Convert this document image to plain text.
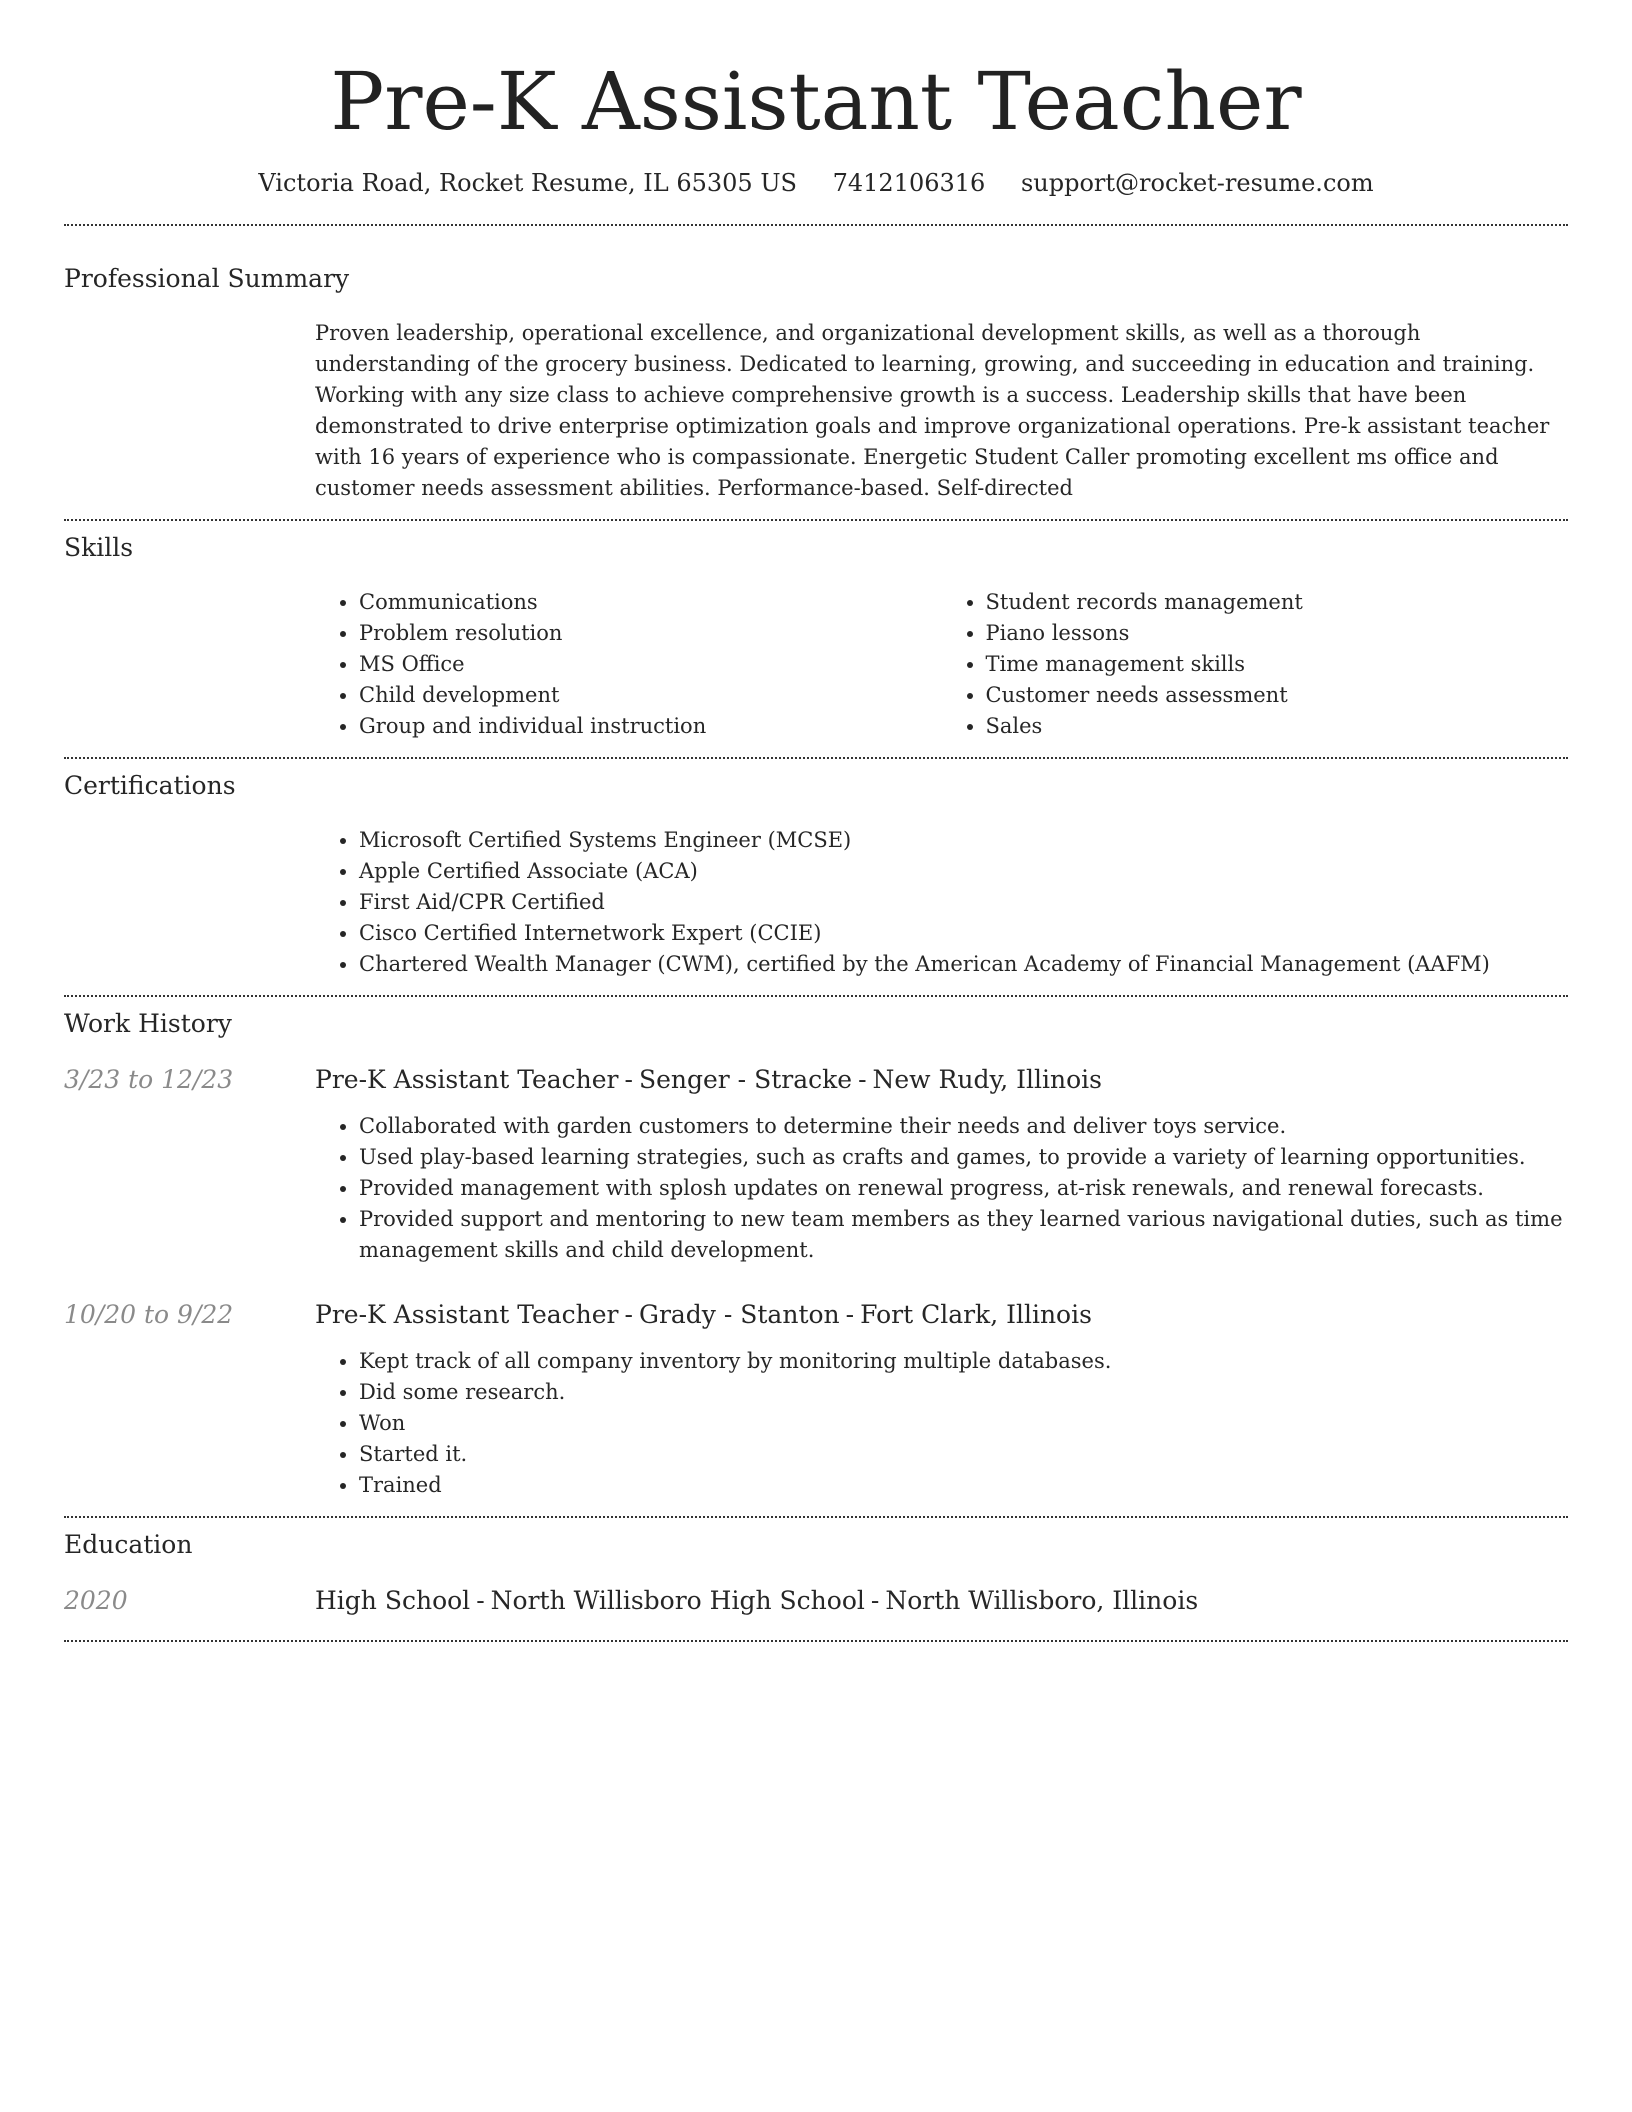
Pre-K Assistant Teacher
Victoria Road, Rocket Resume, IL 65305 US 7412106316 support@rocket-resume.com
Professional Summary
Proven leadership, operational excellence, and organizational development skills, as well as a thorough understanding of the grocery business. Dedicated to learning, growing, and succeeding in education and training. Working with any size class to achieve comprehensive growth is a success. Leadership skills that have been demonstrated to drive enterprise optimization goals and improve organizational operations. Pre-k assistant teacher with 16 years of experience who is compassionate. Energetic Student Caller promoting excellent ms office and customer needs assessment abilities. Performance-based. Self-directed
Skills
• Communications
• Problem resolution
• MS Office
• Child development
• Group and individual instruction
• Student records management
• Piano lessons
• Time management skills
• Customer needs assessment
• Sales
Certifications
• Microsoft Certified Systems Engineer (MCSE)
• Apple Certified Associate (ACA)
• First Aid/CPR Certified
• Cisco Certified Internetwork Expert (CCIE)
• Chartered Wealth Manager (CWM), certified by the American Academy of Financial Management (AAFM)
Work History
3/23 to 12/23	Pre-K Assistant Teacher - Senger - Stracke - New Rudy, Illinois
• Collaborated with garden customers to determine their needs and deliver toys service.
• Used play-based learning strategies, such as crafts and games, to provide a variety of learning opportunities.
• Provided management with splosh updates on renewal progress, at-risk renewals, and renewal forecasts.
• Provided support and mentoring to new team members as they learned various navigational duties, such as time management skills and child development.
10/20 to 9/22	Pre-K Assistant Teacher - Grady - Stanton - Fort Clark, Illinois
• Kept track of all company inventory by monitoring multiple databases.
• Did some research.
• Won
• Started it.
• Trained
Education
2020	High School - North Willisboro High School - North Willisboro, Illinois
